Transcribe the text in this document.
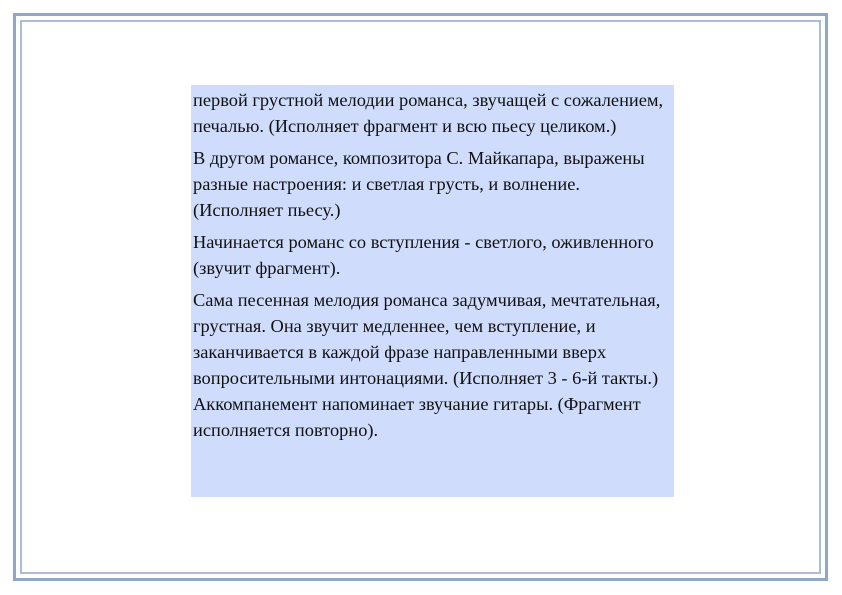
первой грустной мелодии романса, звучащей с сожалением, печалью. (Исполняет фрагмент и всю пьесу целиком.)

В другом романсе, композитора С. Майкапара, выражены разные настроения: и светлая грусть, и волнение. (Исполняет пьесу.)

Начинается романс со вступления - светлого, оживленного (звучит фрагмент).

Сама песенная мелодия романса задумчивая, мечтательная, грустная. Она звучит медленнее, чем вступление, и заканчивается в каждой фразе направленными вверх вопросительными интонациями. (Исполняет 3 - 6-й такты.) Аккомпанемент напоминает звучание гитары. (Фрагмент исполняется повторно).
